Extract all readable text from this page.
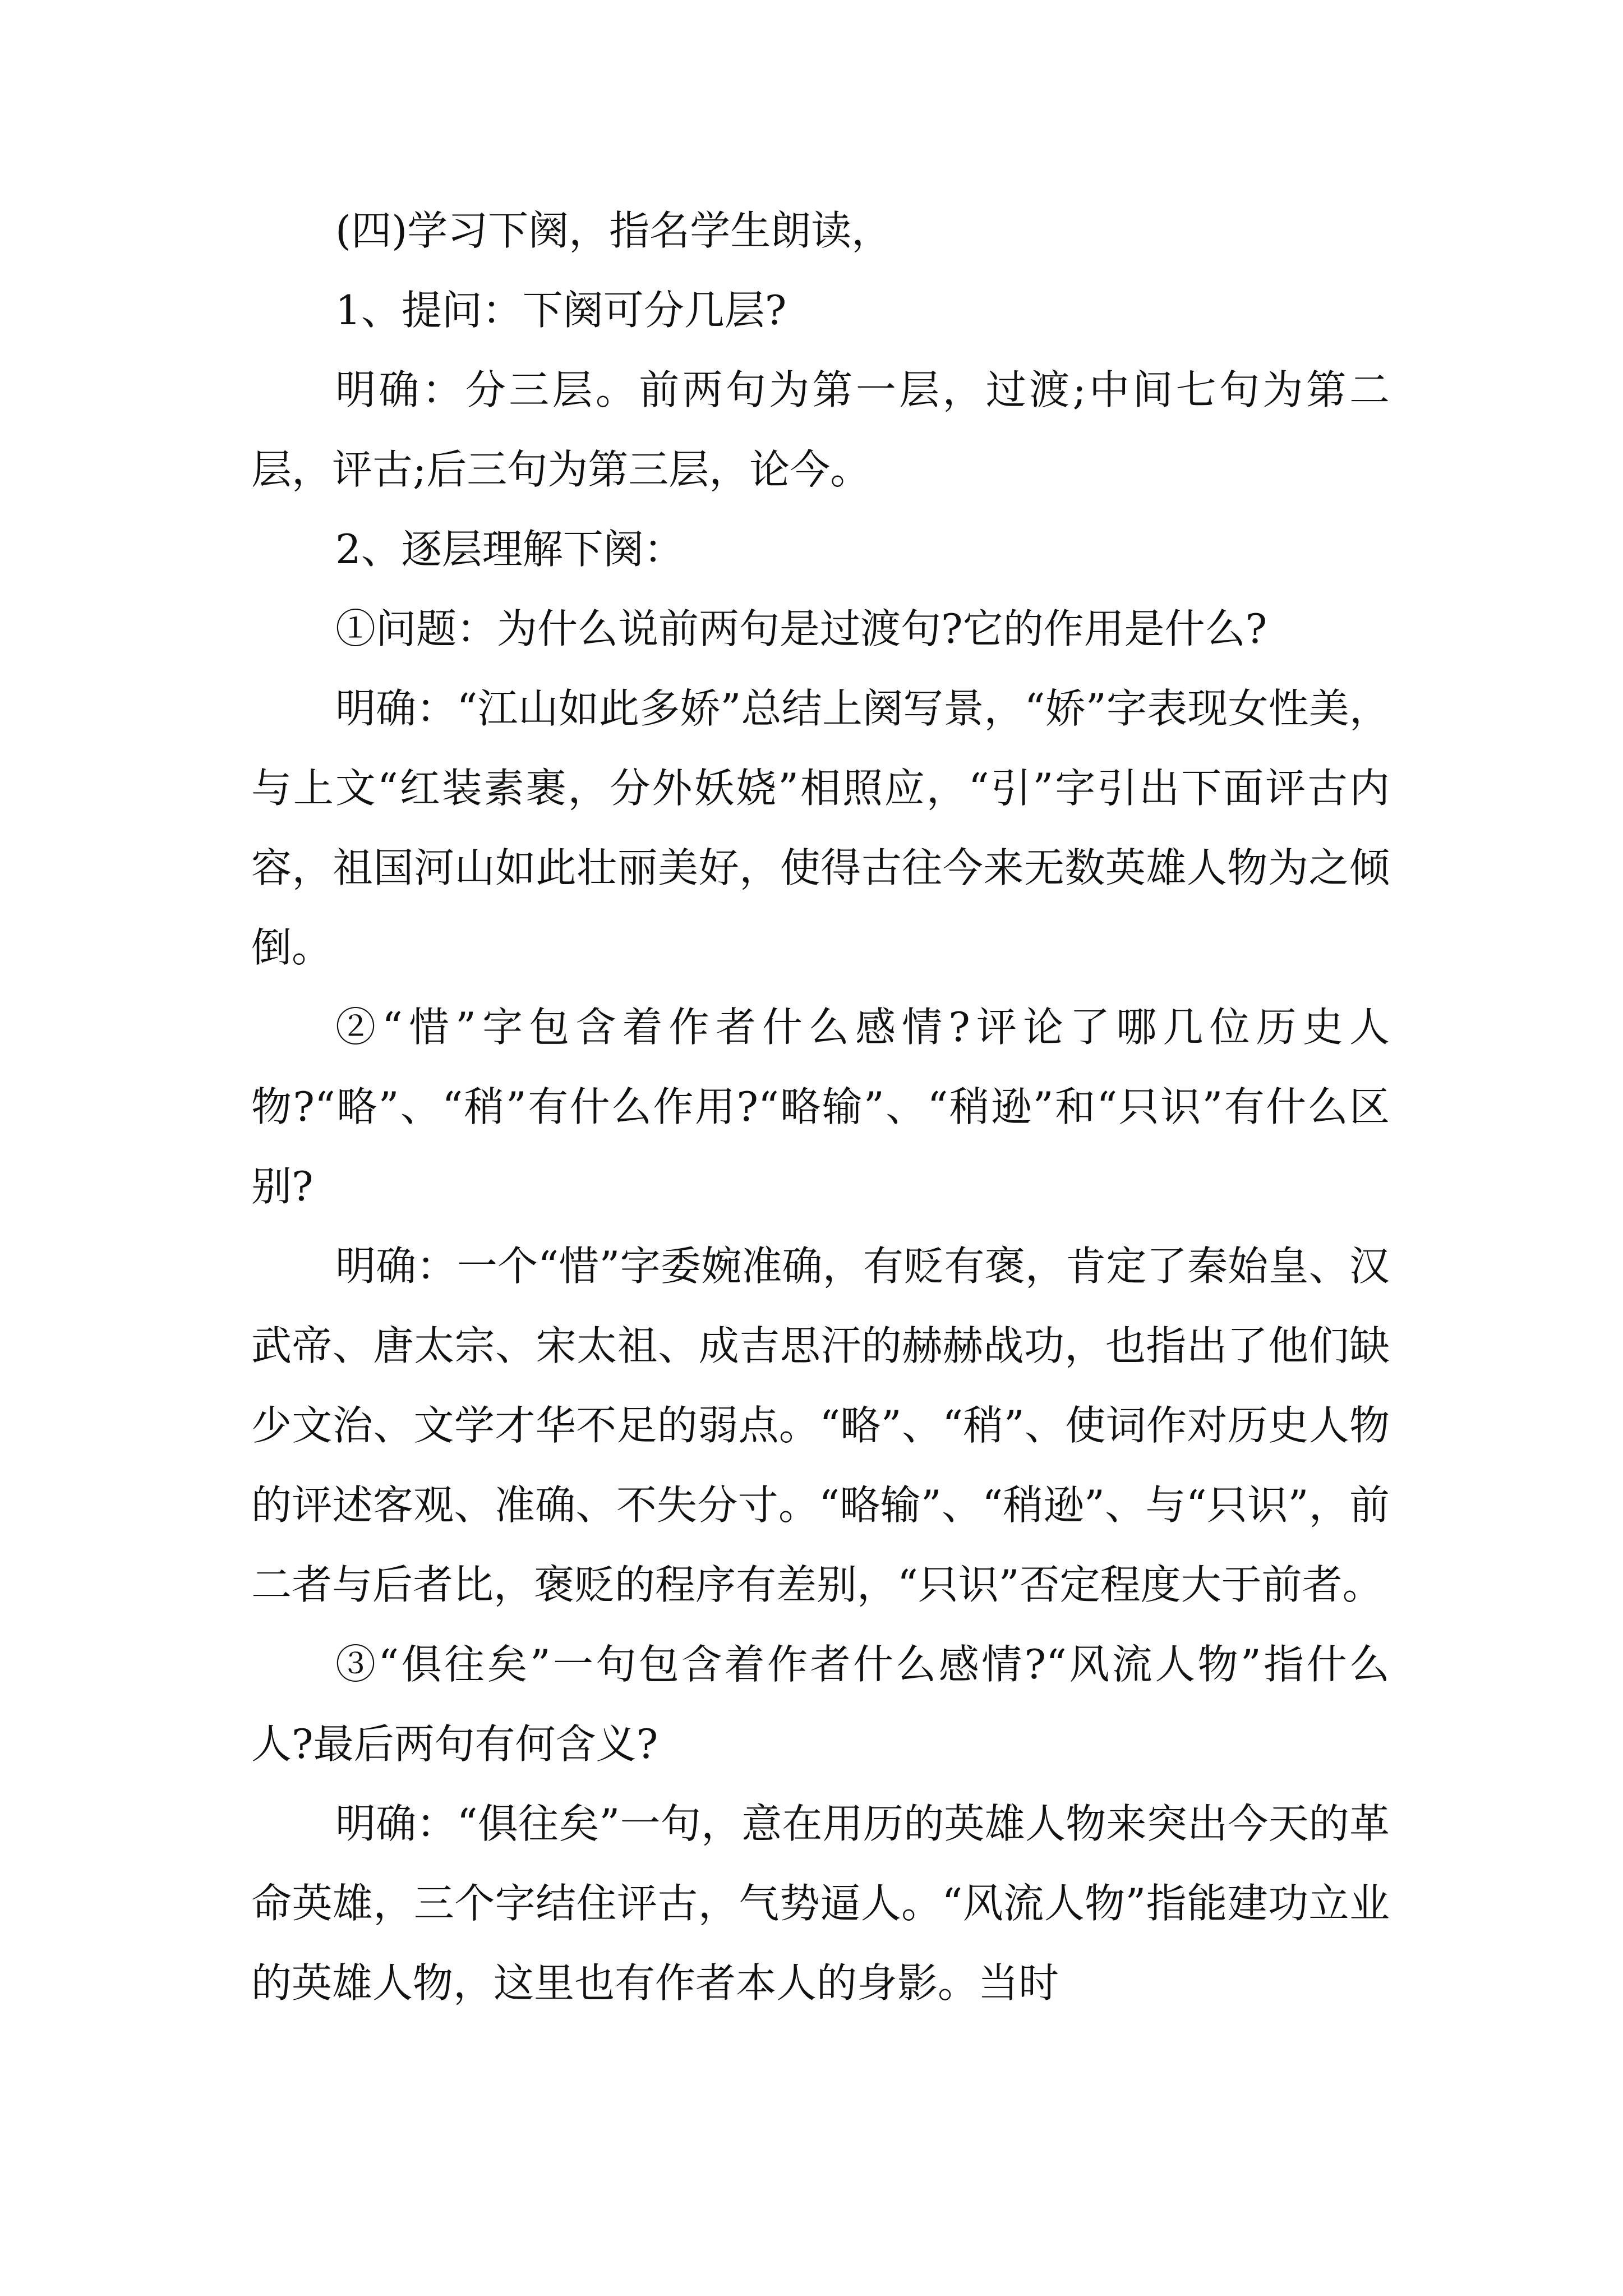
(四)学习下阕，指名学生朗读，

1、提问：下阕可分几层?

明确：分三层。前两句为第一层，过渡;中间七句为第二层，评古;后三句为第三层，论今。

2、逐层理解下阕：

①问题：为什么说前两句是过渡句?它的作用是什么?

明确：“江山如此多娇”总结上阕写景，“娇”字表现女性美，与上文“红装素裹，分外妖娆”相照应，“引”字引出下面评古内容，祖国河山如此壮丽美好，使得古往今来无数英雄人物为之倾倒。

②“惜”字包含着作者什么感情?评论了哪几位历史人物?“略”、“稍”有什么作用?“略输”、“稍逊”和“只识”有什么区别?

明确：一个“惜”字委婉准确，有贬有褒，肯定了秦始皇、汉武帝、唐太宗、宋太祖、成吉思汗的赫赫战功，也指出了他们缺少文治、文学才华不足的弱点。“略”、“稍”、使词作对历史人物的评述客观、准确、不失分寸。“略输”、“稍逊”、与“只识”，前二者与后者比，褒贬的程序有差别，“只识”否定程度大于前者。

③“俱往矣”一句包含着作者什么感情?“风流人物”指什么人?最后两句有何含义?

明确：“俱往矣”一句，意在用历的英雄人物来突出今天的革命英雄，三个字结住评古，气势逼人。“风流人物”指能建功立业的英雄人物，这里也有作者本人的身影。当时
